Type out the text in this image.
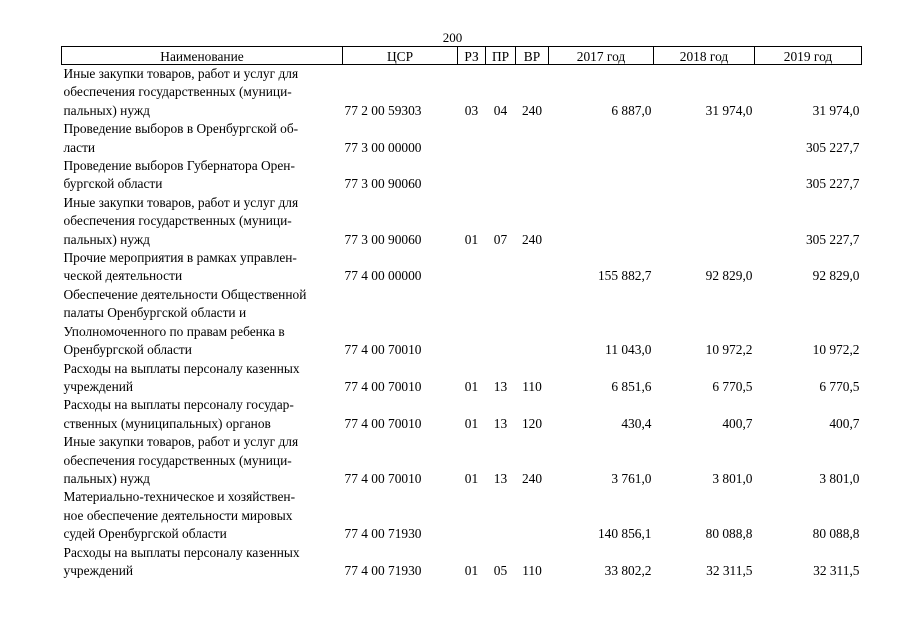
200
Наименование	ЦСР	РЗ	ПР	ВР	2017 год	2018 год	2019 год
Иные закупки товаров, работ и услуг для
обеспечения государственных (муници-
пальных) нужд	77 2 00 59303	03	04	240	6 887,0	31 974,0	31 974,0
Проведение выборов в Оренбургской об-
ласти	77 3 00 00000						305 227,7
Проведение выборов Губернатора Орен-
бургской области	77 3 00 90060						305 227,7
Иные закупки товаров, работ и услуг для
обеспечения государственных (муници-
пальных) нужд	77 3 00 90060	01	07	240			305 227,7
Прочие мероприятия в рамках управлен-
ческой деятельности	77 4 00 00000				155 882,7	92 829,0	92 829,0
Обеспечение деятельности Общественной палаты Оренбургской области и
Уполномоченного по правам ребенка в
Оренбургской области	77 4 00 70010				11 043,0	10 972,2	10 972,2
Расходы на выплаты персоналу казенных
учреждений	77 4 00 70010	01	13	110	6 851,6	6 770,5	6 770,5
Расходы на выплаты персоналу государ-
ственных (муниципальных) органов	77 4 00 70010	01	13	120	430,4	400,7	400,7
Иные закупки товаров, работ и услуг для
обеспечения государственных (муници-
пальных) нужд	77 4 00 70010	01	13	240	3 761,0	3 801,0	3 801,0
Материально-техническое и хозяйствен-
ное обеспечение деятельности мировых
судей Оренбургской области	77 4 00 71930				140 856,1	80 088,8	80 088,8
Расходы на выплаты персоналу казенных
учреждений	77 4 00 71930	01	05	110	33 802,2	32 311,5	32 311,5
